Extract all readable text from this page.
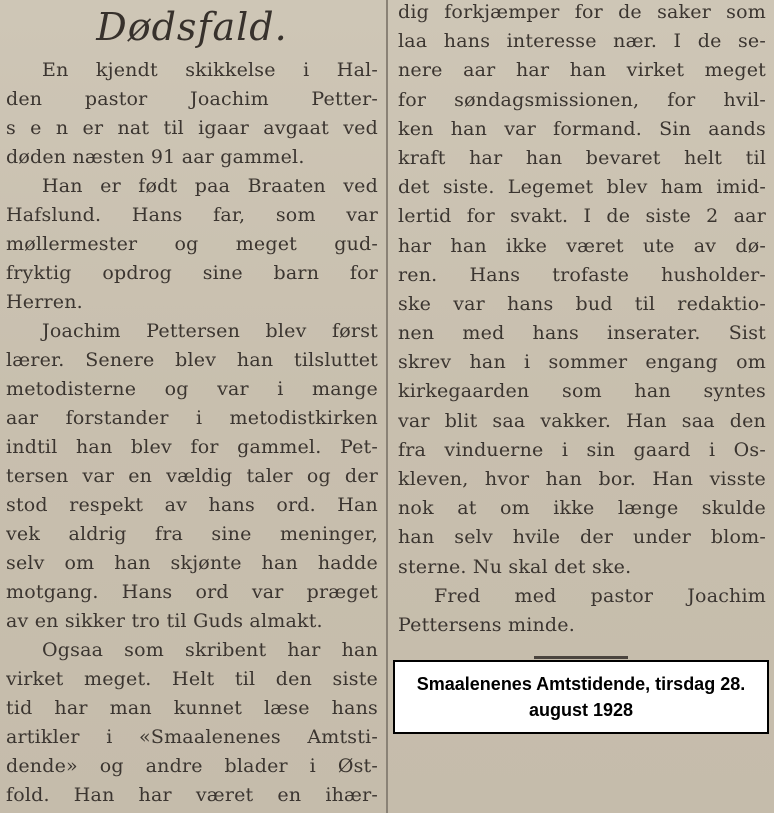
Dødsfald.
En kjendt skikkelse i Hal-
den pastor Joachim Petter-
s e n er nat til igaar avgaat ved
døden næsten 91 aar gammel.
Han er født paa Braaten ved
Hafslund. Hans far, som var
møllermester og meget gud-
fryktig opdrog sine barn for
Herren.
Joachim Pettersen blev først
lærer. Senere blev han tilsluttet
metodisterne og var i mange
aar forstander i metodistkirken
indtil han blev for gammel. Pet-
tersen var en vældig taler og der
stod respekt av hans ord. Han
vek aldrig fra sine meninger,
selv om han skjønte han hadde
motgang. Hans ord var præget
av en sikker tro til Guds almakt.
Ogsaa som skribent har han
virket meget. Helt til den siste
tid har man kunnet læse hans
artikler i «Smaalenenes Amtsti-
dende» og andre blader i Øst-
fold. Han har været en ihær-
dig forkjæmper for de saker som
laa hans interesse nær. I de se-
nere aar har han virket meget
for søndagsmissionen, for hvil-
ken han var formand. Sin aands
kraft har han bevaret helt til
det siste. Legemet blev ham imid-
lertid for svakt. I de siste 2 aar
har han ikke været ute av dø-
ren. Hans trofaste husholder-
ske var hans bud til redaktio-
nen med hans inserater. Sist
skrev han i sommer engang om
kirkegaarden som han syntes
var blit saa vakker. Han saa den
fra vinduerne i sin gaard i Os-
kleven, hvor han bor. Han visste
nok at om ikke længe skulde
han selv hvile der under blom-
sterne. Nu skal det ske.
Fred med pastor Joachim
Pettersens minde.
Smaalenenes Amtstidende, tirsdag 28. august 1928
